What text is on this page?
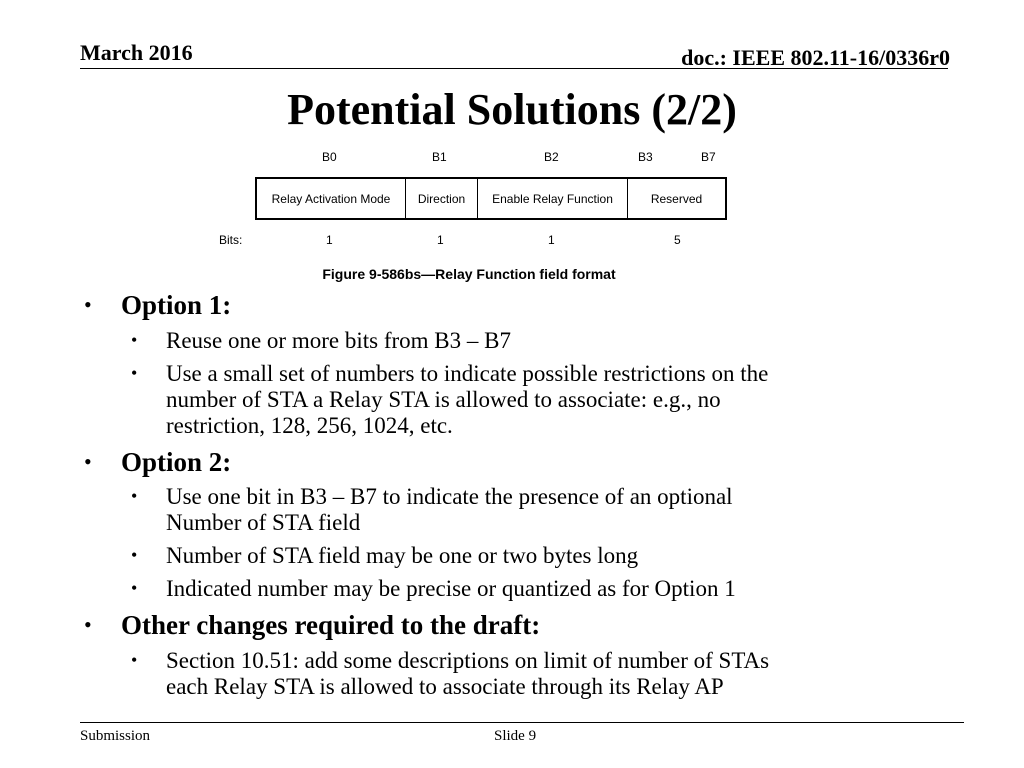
March 2016	doc.: IEEE 802.11-16/0336r0
Potential Solutions (2/2)
B0	B1	B2	B3	B7
Relay Activation Mode	Direction	Enable Relay Function	Reserved
Bits:	1	1	1	5
Figure 9-586bs—Relay Function field format
• Option 1:
• Reuse one or more bits from B3 – B7
• Use a small set of numbers to indicate possible restrictions on the
number of STA a Relay STA is allowed to associate: e.g., no
restriction, 128, 256, 1024, etc.
• Option 2:
• Use one bit in B3 – B7 to indicate the presence of an optional
Number of STA field
• Number of STA field may be one or two bytes long
• Indicated number may be precise or quantized as for Option 1
• Other changes required to the draft:
• Section 10.51: add some descriptions on limit of number of STAs
each Relay STA is allowed to associate through its Relay AP
Submission	Slide 9
